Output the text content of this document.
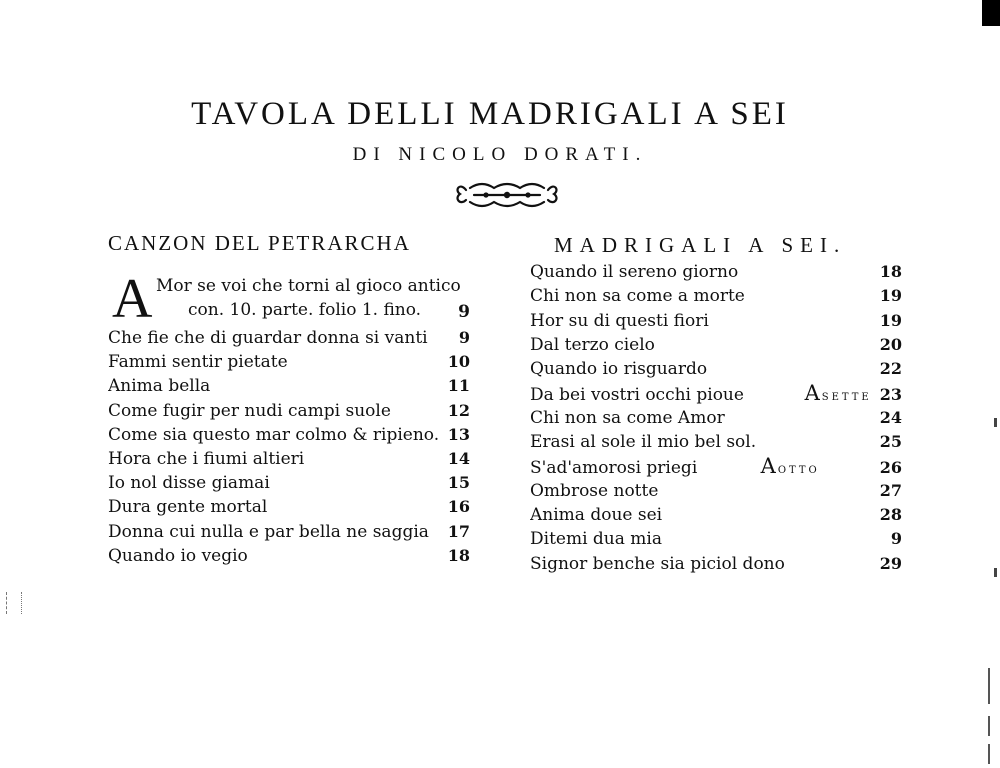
TAVOLA DELLI MADRIGALI A SEI
DI NICOLO DORATI.
CANZON DEL PETRARCHA
A Mor se voi che torni al gioco antico
con. 10. parte. folio 1. fino. 9
Che fie che di guardar donna si vanti	9
Fammi sentir pietate	10
Anima bella	11
Come fugir per nudi campi suole	12
Come sia questo mar colmo & ripieno. 13
Hora che i fiumi altieri	14
Io nol disse giamai	15
Dura gente mortal	16
Donna cui nulla e par bella ne saggia 17
Quando io vegio	18
MADRIGALI A SEI.
Quando il sereno giorno	18
Chi non sa come a morte	19
Hor su di questi fiori	19
Dal terzo cielo	20
Quando io risguardo	22
Da bei vostri occhi pioue	A SETTE 23
Chi non sa come Amor	24
Erasi al sole il mio bel sol.	25
S'ad'amorosi priegi	A OTTO	26
Ombrose notte	27
Anima doue sei	28
Ditemi dua mia	9
Signor benche sia piciol dono	29
